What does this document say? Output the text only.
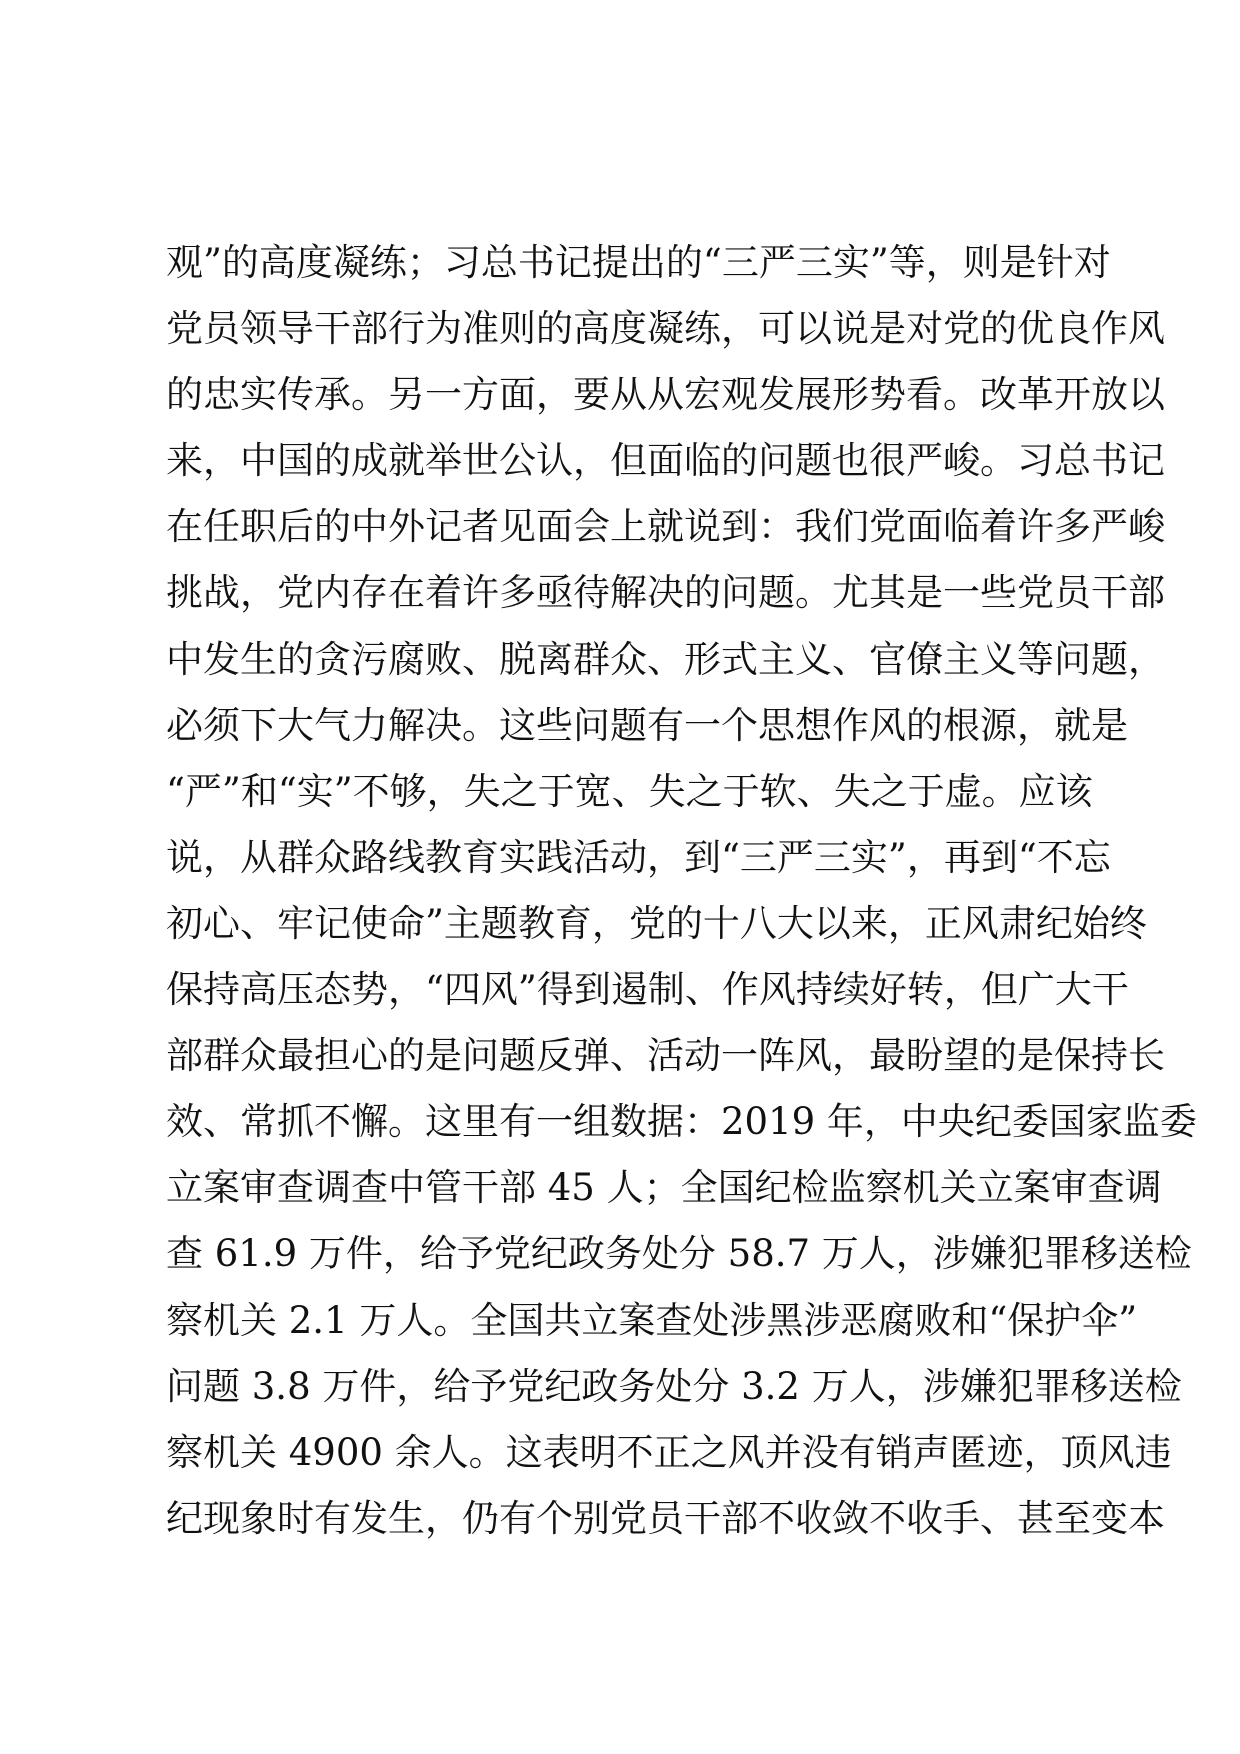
观”的高度凝练；习总书记提出的“三严三实”等，则是针对
党员领导干部行为准则的高度凝练，可以说是对党的优良作风
的忠实传承。另一方面，要从从宏观发展形势看。改革开放以
来，中国的成就举世公认，但面临的问题也很严峻。习总书记
在任职后的中外记者见面会上就说到：我们党面临着许多严峻
挑战，党内存在着许多亟待解决的问题。尤其是一些党员干部
中发生的贪污腐败、脱离群众、形式主义、官僚主义等问题，
必须下大气力解决。这些问题有一个思想作风的根源，就是
“严”和“实”不够，失之于宽、失之于软、失之于虚。应该
说，从群众路线教育实践活动，到“三严三实”，再到“不忘
初心、牢记使命”主题教育，党的十八大以来，正风肃纪始终
保持高压态势，“四风”得到遏制、作风持续好转，但广大干
部群众最担心的是问题反弹、活动一阵风，最盼望的是保持长
效、常抓不懈。这里有一组数据：2019 年，中央纪委国家监委
立案审查调查中管干部 45 人；全国纪检监察机关立案审查调
查 61.9 万件，给予党纪政务处分 58.7 万人，涉嫌犯罪移送检
察机关 2.1 万人。全国共立案查处涉黑涉恶腐败和“保护伞”
问题 3.8 万件，给予党纪政务处分 3.2 万人，涉嫌犯罪移送检
察机关 4900 余人。这表明不正之风并没有销声匿迹，顶风违
纪现象时有发生，仍有个别党员干部不收敛不收手、甚至变本
